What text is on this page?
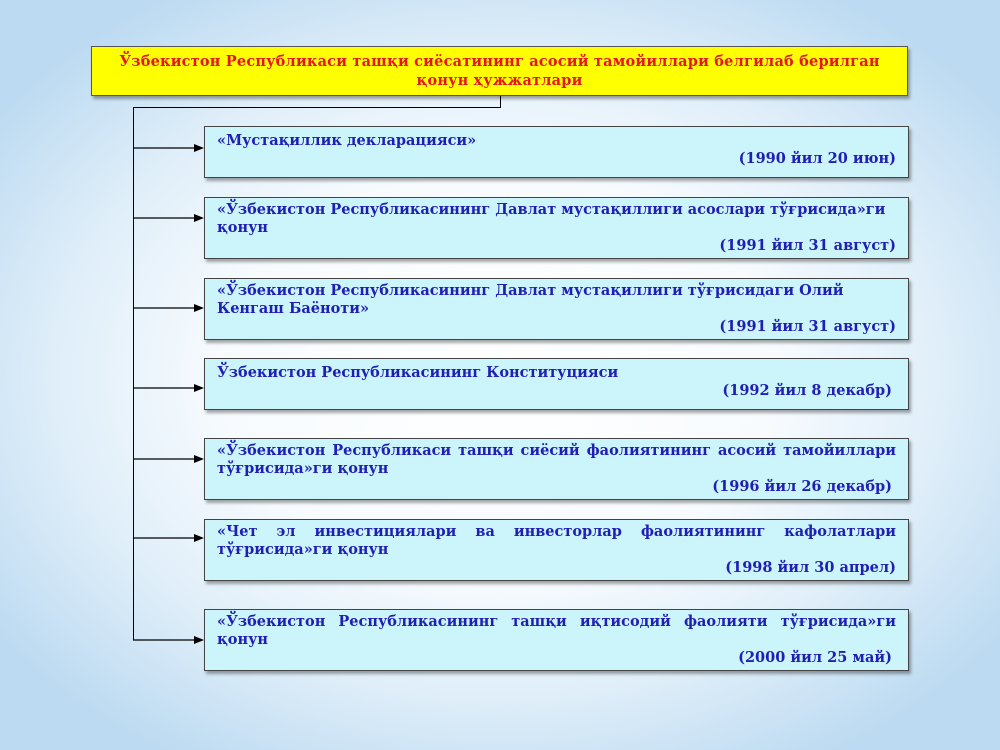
Ўзбекистон Республикаси ташқи сиёсатининг асосий тамойиллари белгилаб берилган қонун ҳужжатлари
«Мустақиллик декларацияси»
(1990 йил 20 июн)
«Ўзбекистон Республикасининг Давлат мустақиллиги асослари тўғрисида»ги қонун
(1991 йил 31 август)
«Ўзбекистон Республикасининг Давлат мустақиллиги тўғрисидаги Олий Кенгаш Баёноти»
(1991 йил 31 август)
Ўзбекистон Республикасининг Конституцияси
(1992 йил 8 декабр)
«Ўзбекистон Республикаси ташқи сиёсий фаолиятининг асосий тамойиллари тўғрисида»ги қонун
(1996 йил 26 декабр)
«Чет эл инвестициялари ва инвесторлар фаолиятининг кафолатлари тўғрисида»ги қонун
(1998 йил 30 апрел)
«Ўзбекистон Республикасининг ташқи иқтисодий фаолияти тўғрисида»ги қонун
(2000 йил 25 май)
